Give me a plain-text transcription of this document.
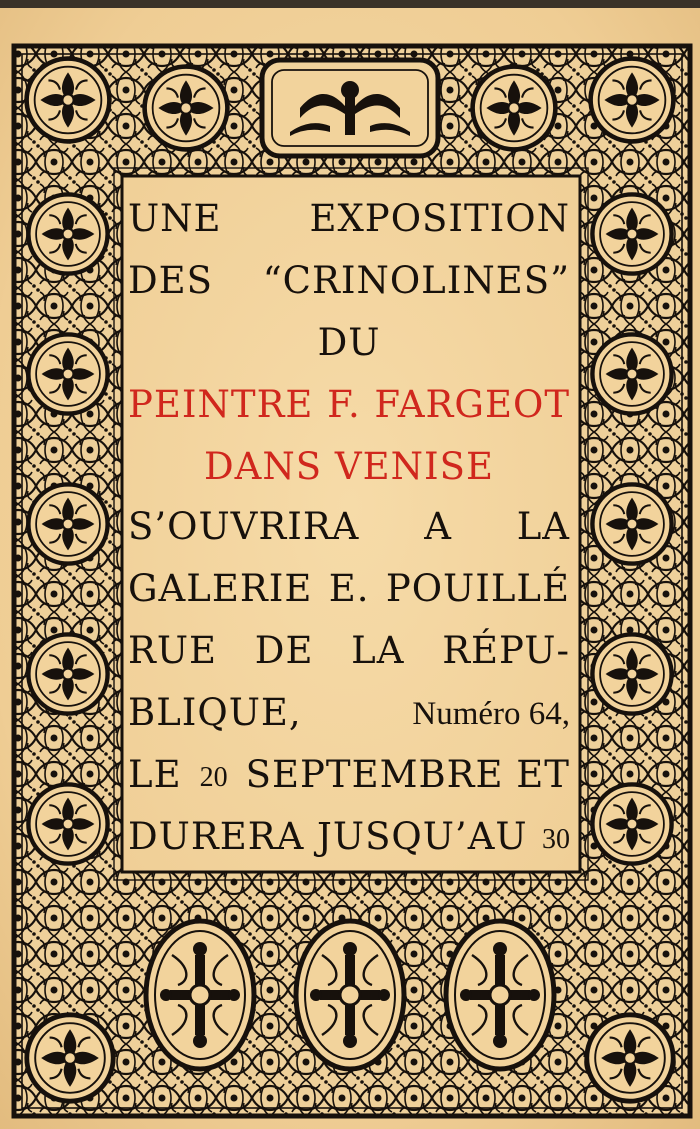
UNE EXPOSITION
DES “CRINOLINES”
DU
PEINTRE F. FARGEOT
DANS VENISE
S’OUVRIRA A LA
GALERIE E. POUILLÉ
RUE DE LA RÉPU‑
BLIQUE,	Numéro 64,
LE 20 SEPTEMBRE ET
DURERA JUSQU’AU 30
